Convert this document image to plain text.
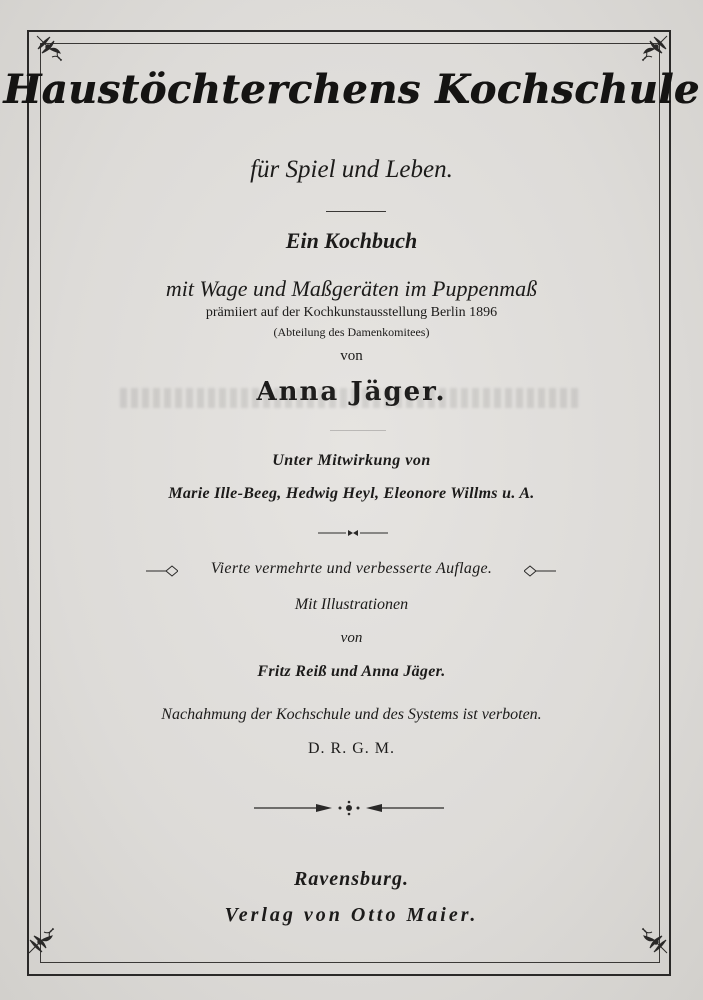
Haustöchterchens Kochschule
für Spiel und Leben.
Ein Kochbuch
mit Wage und Maßgeräten im Puppenmaß
prämiiert auf der Kochkunstausstellung Berlin 1896
(Abteilung des Damenkomitees)
von
Anna Jäger.
Unter Mitwirkung von
Marie Ille-Beeg, Hedwig Heyl, Eleonore Willms u. A.
Vierte vermehrte und verbesserte Auflage.
Mit Illustrationen
von
Fritz Reiß und Anna Jäger.
Nachahmung der Kochschule und des Systems ist verboten.
D. R. G. M.
Ravensburg.
Verlag von Otto Maier.
